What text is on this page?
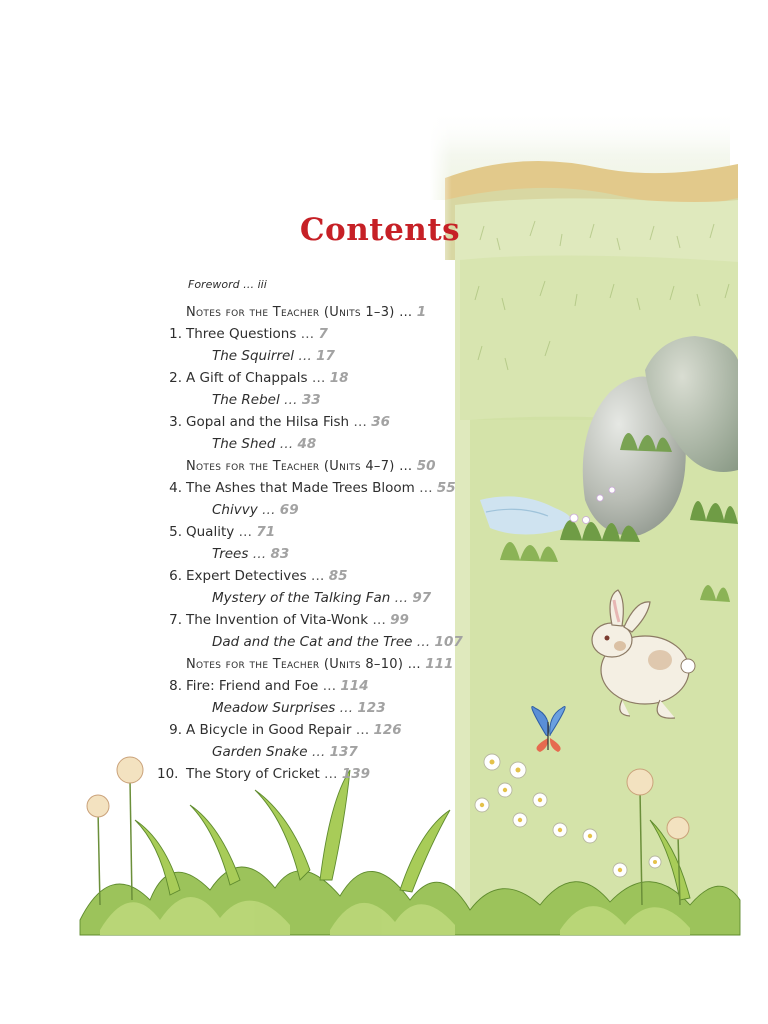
Contents
Foreword … iii
Notes for the Teacher (Units 1–3) … 1
1. Three Questions … 7
The Squirrel … 17
2. A Gift of Chappals … 18
The Rebel … 33
3. Gopal and the Hilsa Fish … 36
The Shed … 48
Notes for the Teacher (Units 4–7) … 50
4. The Ashes that Made Trees Bloom … 55
Chivvy … 69
5. Quality … 71
Trees … 83
6. Expert Detectives … 85
Mystery of the Talking Fan … 97
7. The Invention of Vita-Wonk … 99
Dad and the Cat and the Tree … 107
Notes for the Teacher (Units 8–10) … 111
8. Fire: Friend and Foe … 114
Meadow Surprises … 123
9. A Bicycle in Good Repair … 126
Garden Snake … 137
10. The Story of Cricket … 139
